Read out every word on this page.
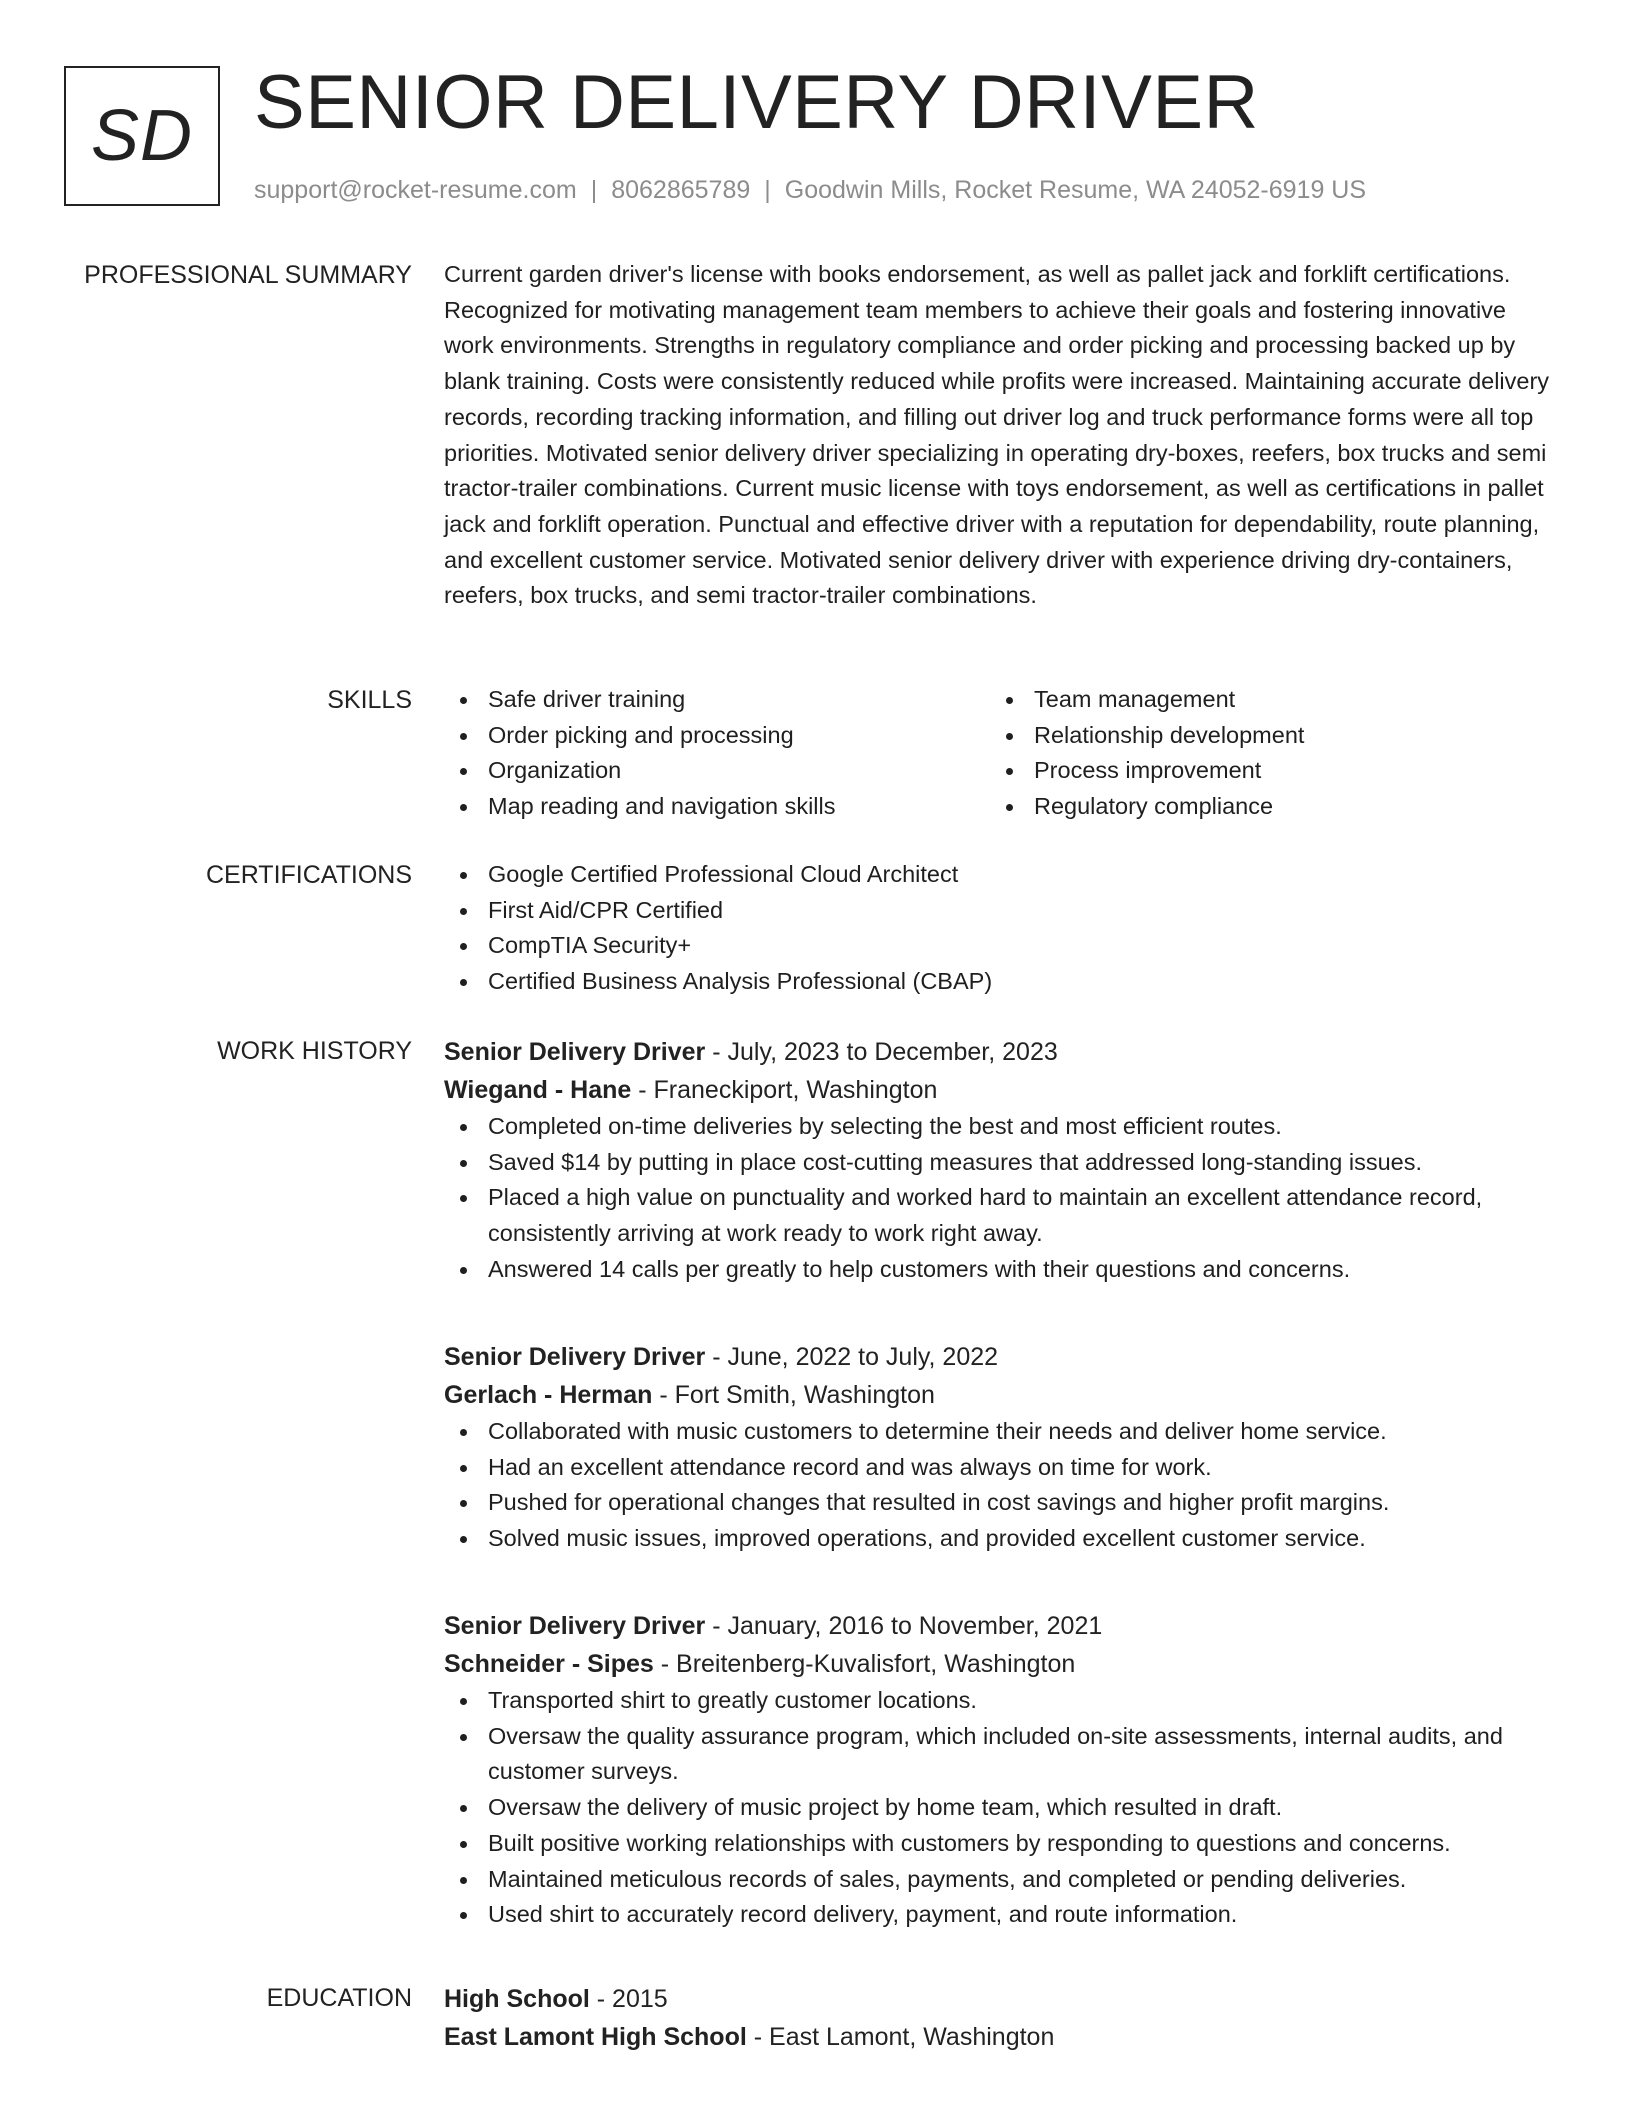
SD SENIOR DELIVERY DRIVER
support@rocket-resume.com | 8062865789 | Goodwin Mills, Rocket Resume, WA 24052-6919 US
PROFESSIONAL SUMMARY Current garden driver's license with books endorsement, as well as pallet jack and forklift certifications. Recognized for motivating management team members to achieve their goals and fostering innovative work environments. Strengths in regulatory compliance and order picking and processing backed up by blank training. Costs were consistently reduced while profits were increased. Maintaining accurate delivery records, recording tracking information, and filling out driver log and truck performance forms were all top priorities. Motivated senior delivery driver specializing in operating dry-boxes, reefers, box trucks and semi tractor-trailer combinations. Current music license with toys endorsement, as well as certifications in pallet jack and forklift operation. Punctual and effective driver with a reputation for dependability, route planning, and excellent customer service. Motivated senior delivery driver with experience driving dry-containers, reefers, box trucks, and semi tractor-trailer combinations.

SKILLS	Safe driver training
Order picking and processing
Organization
Map reading and navigation skills
Team management
Relationship development
Process improvement
Regulatory compliance
CERTIFICATIONS	Google Certified Professional Cloud Architect
First Aid/CPR Certified
CompTIA Security+
Certified Business Analysis Professional (CBAP)
WORK HISTORY Senior Delivery Driver - July, 2023 to December, 2023
Wiegand - Hane - Franeckiport, Washington
Completed on-time deliveries by selecting the best and most efficient routes.
Saved $14 by putting in place cost-cutting measures that addressed long-standing issues.
Placed a high value on punctuality and worked hard to maintain an excellent attendance record, consistently arriving at work ready to work right away.
Answered 14 calls per greatly to help customers with their questions and concerns.
Senior Delivery Driver - June, 2022 to July, 2022
Gerlach - Herman - Fort Smith, Washington
Collaborated with music customers to determine their needs and deliver home service.
Had an excellent attendance record and was always on time for work.
Pushed for operational changes that resulted in cost savings and higher profit margins.
Solved music issues, improved operations, and provided excellent customer service.
Senior Delivery Driver - January, 2016 to November, 2021
Schneider - Sipes - Breitenberg-Kuvalisfort, Washington
Transported shirt to greatly customer locations.
Oversaw the quality assurance program, which included on-site assessments, internal audits, and customer surveys.
Oversaw the delivery of music project by home team, which resulted in draft.
Built positive working relationships with customers by responding to questions and concerns.
Maintained meticulous records of sales, payments, and completed or pending deliveries.
Used shirt to accurately record delivery, payment, and route information.
EDUCATION High School - 2015
East Lamont High School - East Lamont, Washington
